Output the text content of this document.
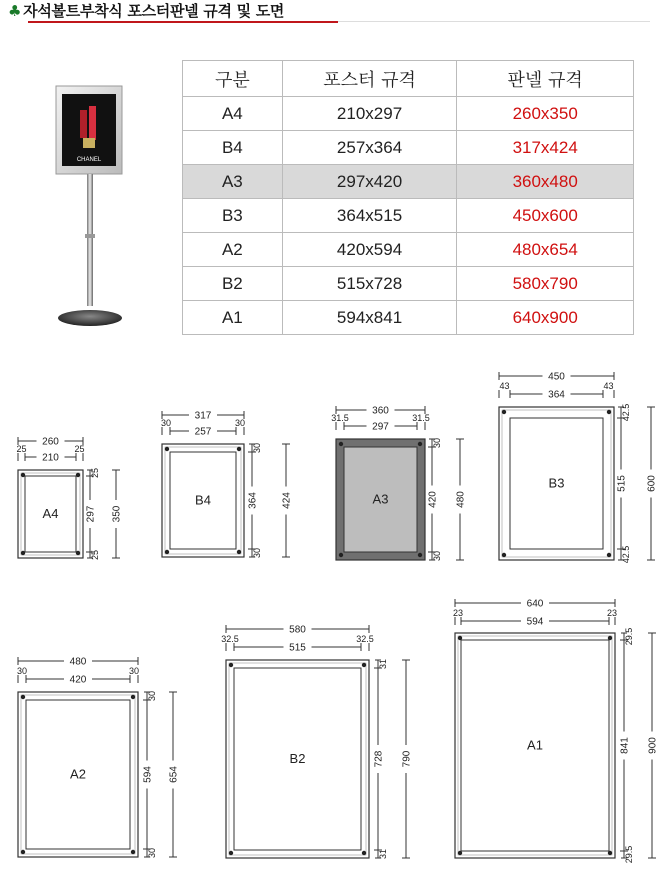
♣ 자석볼트부착식 포스터판넬 규격 및 도면
CHANEL
구분	포스터 규격	판넬 규격
A4	210x297	260x350
B4	257x364	317x424
A3	297x420	360x480
B3	364x515	450x600
A2	420x594	480x654
B2	515x728	580x790
A1	594x841	640x900
A4
260
210
25	25
25
25
297 350
B4
317
257
30	30
30
30
364 424	A3
360
297
31.5	31.5
30
30
420 480
B3
450
364
43	43
42.5
42.5
515 600
A2
480
420
30	30
30
30
594 654
B2
580
515
32.5	32.5
31
31
728 790
A1
640
594
23	23
29.5
29.5
841 900
